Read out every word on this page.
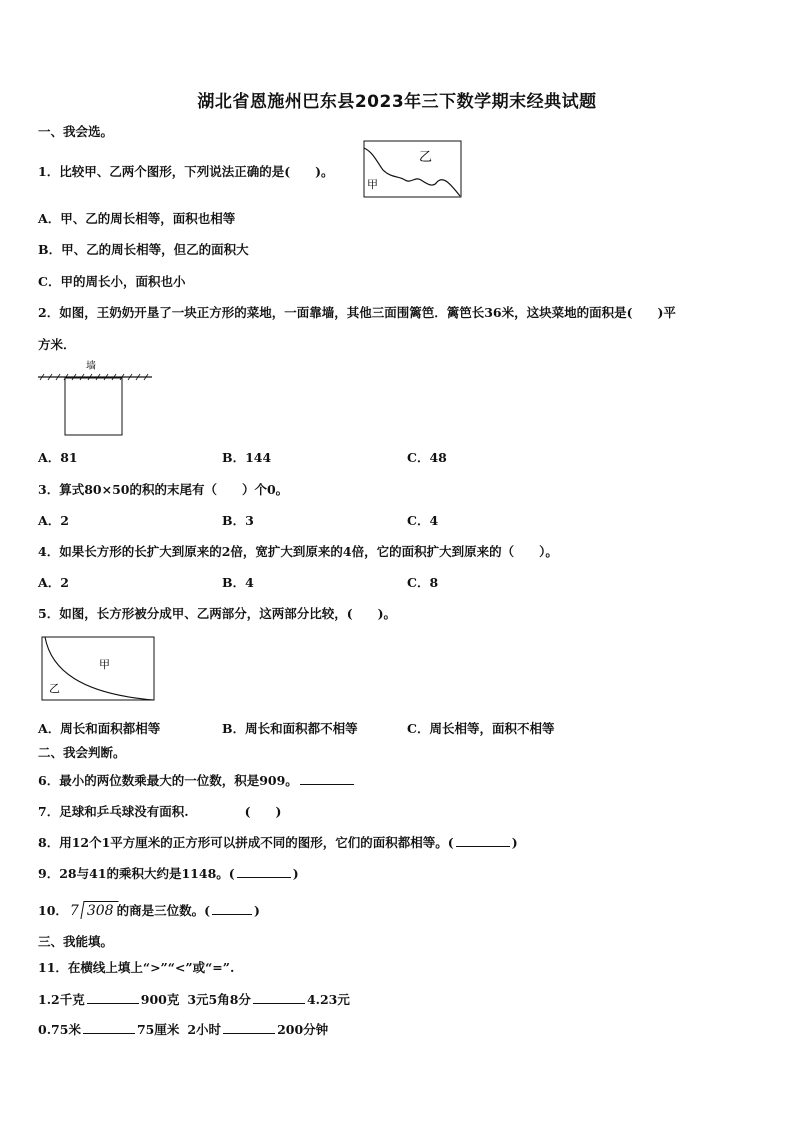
湖北省恩施州巴东县2023年三下数学期末经典试题
一、我会选。
1．比较甲、乙两个图形，下列说法正确的是(　　)。
乙
甲
A．甲、乙的周长相等，面积也相等
B．甲、乙的周长相等，但乙的面积大
C．甲的周长小，面积也小
2．如图，王奶奶开垦了一块正方形的菜地，一面靠墙，其他三面围篱笆．篱笆长36米，这块菜地的面积是(　　)平
方米．
墙
A．81	B．144	C．48
3．算式80×50的积的末尾有（　　）个0。
A．2	B．3	C．4
4．如果长方形的长扩大到原来的2倍，宽扩大到原来的4倍，它的面积扩大到原来的（　　）。
A．2	B．4	C．8
5．如图，长方形被分成甲、乙两部分，这两部分比较，(　　)。
甲
乙
A．周长和面积都相等	B．周长和面积都不相等	C．周长相等，面积不相等
二、我会判断。
6．最小的两位数乘最大的一位数，积是909。
7．足球和乒乓球没有面积.	(　　)
8．用12个1平方厘米的正方形可以拼成不同的图形，它们的面积都相等。(	)
9．28与41的乘积大约是1148。(	)
10． 7 308 的商是三位数。(	)
三、我能填。
11．在横线上填上“>”“<”或“=”.
1.2千克	900克 3元5角8分	4.23元
0.75米	75厘米 2小时	200分钟
